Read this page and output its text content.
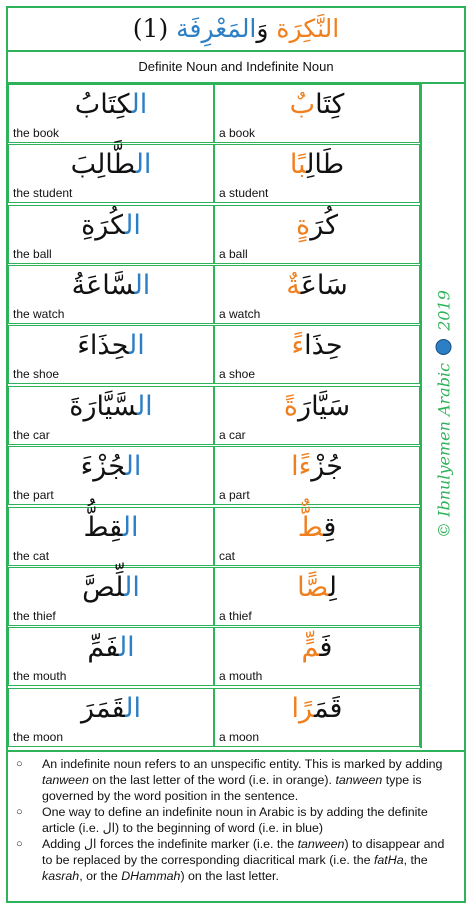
النَّكِرَة وَالمَعْرِفَة (1)
Definite Noun and Indefinite Noun
الكِتَابُ
the book
كِتَابٌ
a book
الطَّالِبَ
the student
طَالِبًا
a student
الكُرَةِ
the ball
كُرَةٍ
a ball
السَّاعَةُ
the watch
سَاعَةٌ
a watch
الحِذَاءَ
the shoe
حِذَاءً
a shoe
السَّيَّارَةَ
the car
سَيَّارَةً
a car
الجُزْءَ
the part
جُزْءًا
a part
القِطُّ
the cat
قِطٌّ
cat
اللِّصَّ
the thief
لِصًّا
a thief
الفَمِّ
the mouth
فَمٍّ
a mouth
القَمَرَ
the moon
قَمَرًا
a moon
© Ibnulyemen Arabic  2019
○ An indefinite noun refers to an unspecific entity. This is marked by adding tanween on the last letter of the word (i.e. in orange). tanween type is governed by the word position in the sentence.
○ One way to define an indefinite noun in Arabic is by adding the definite article (i.e. ال) to the beginning of word (i.e. in blue)
○ Adding ال forces the indefinite marker (i.e. the tanween) to disappear and to be replaced by the corresponding diacritical mark (i.e. the fatHa, the kasrah, or the DHammah) on the last letter.
